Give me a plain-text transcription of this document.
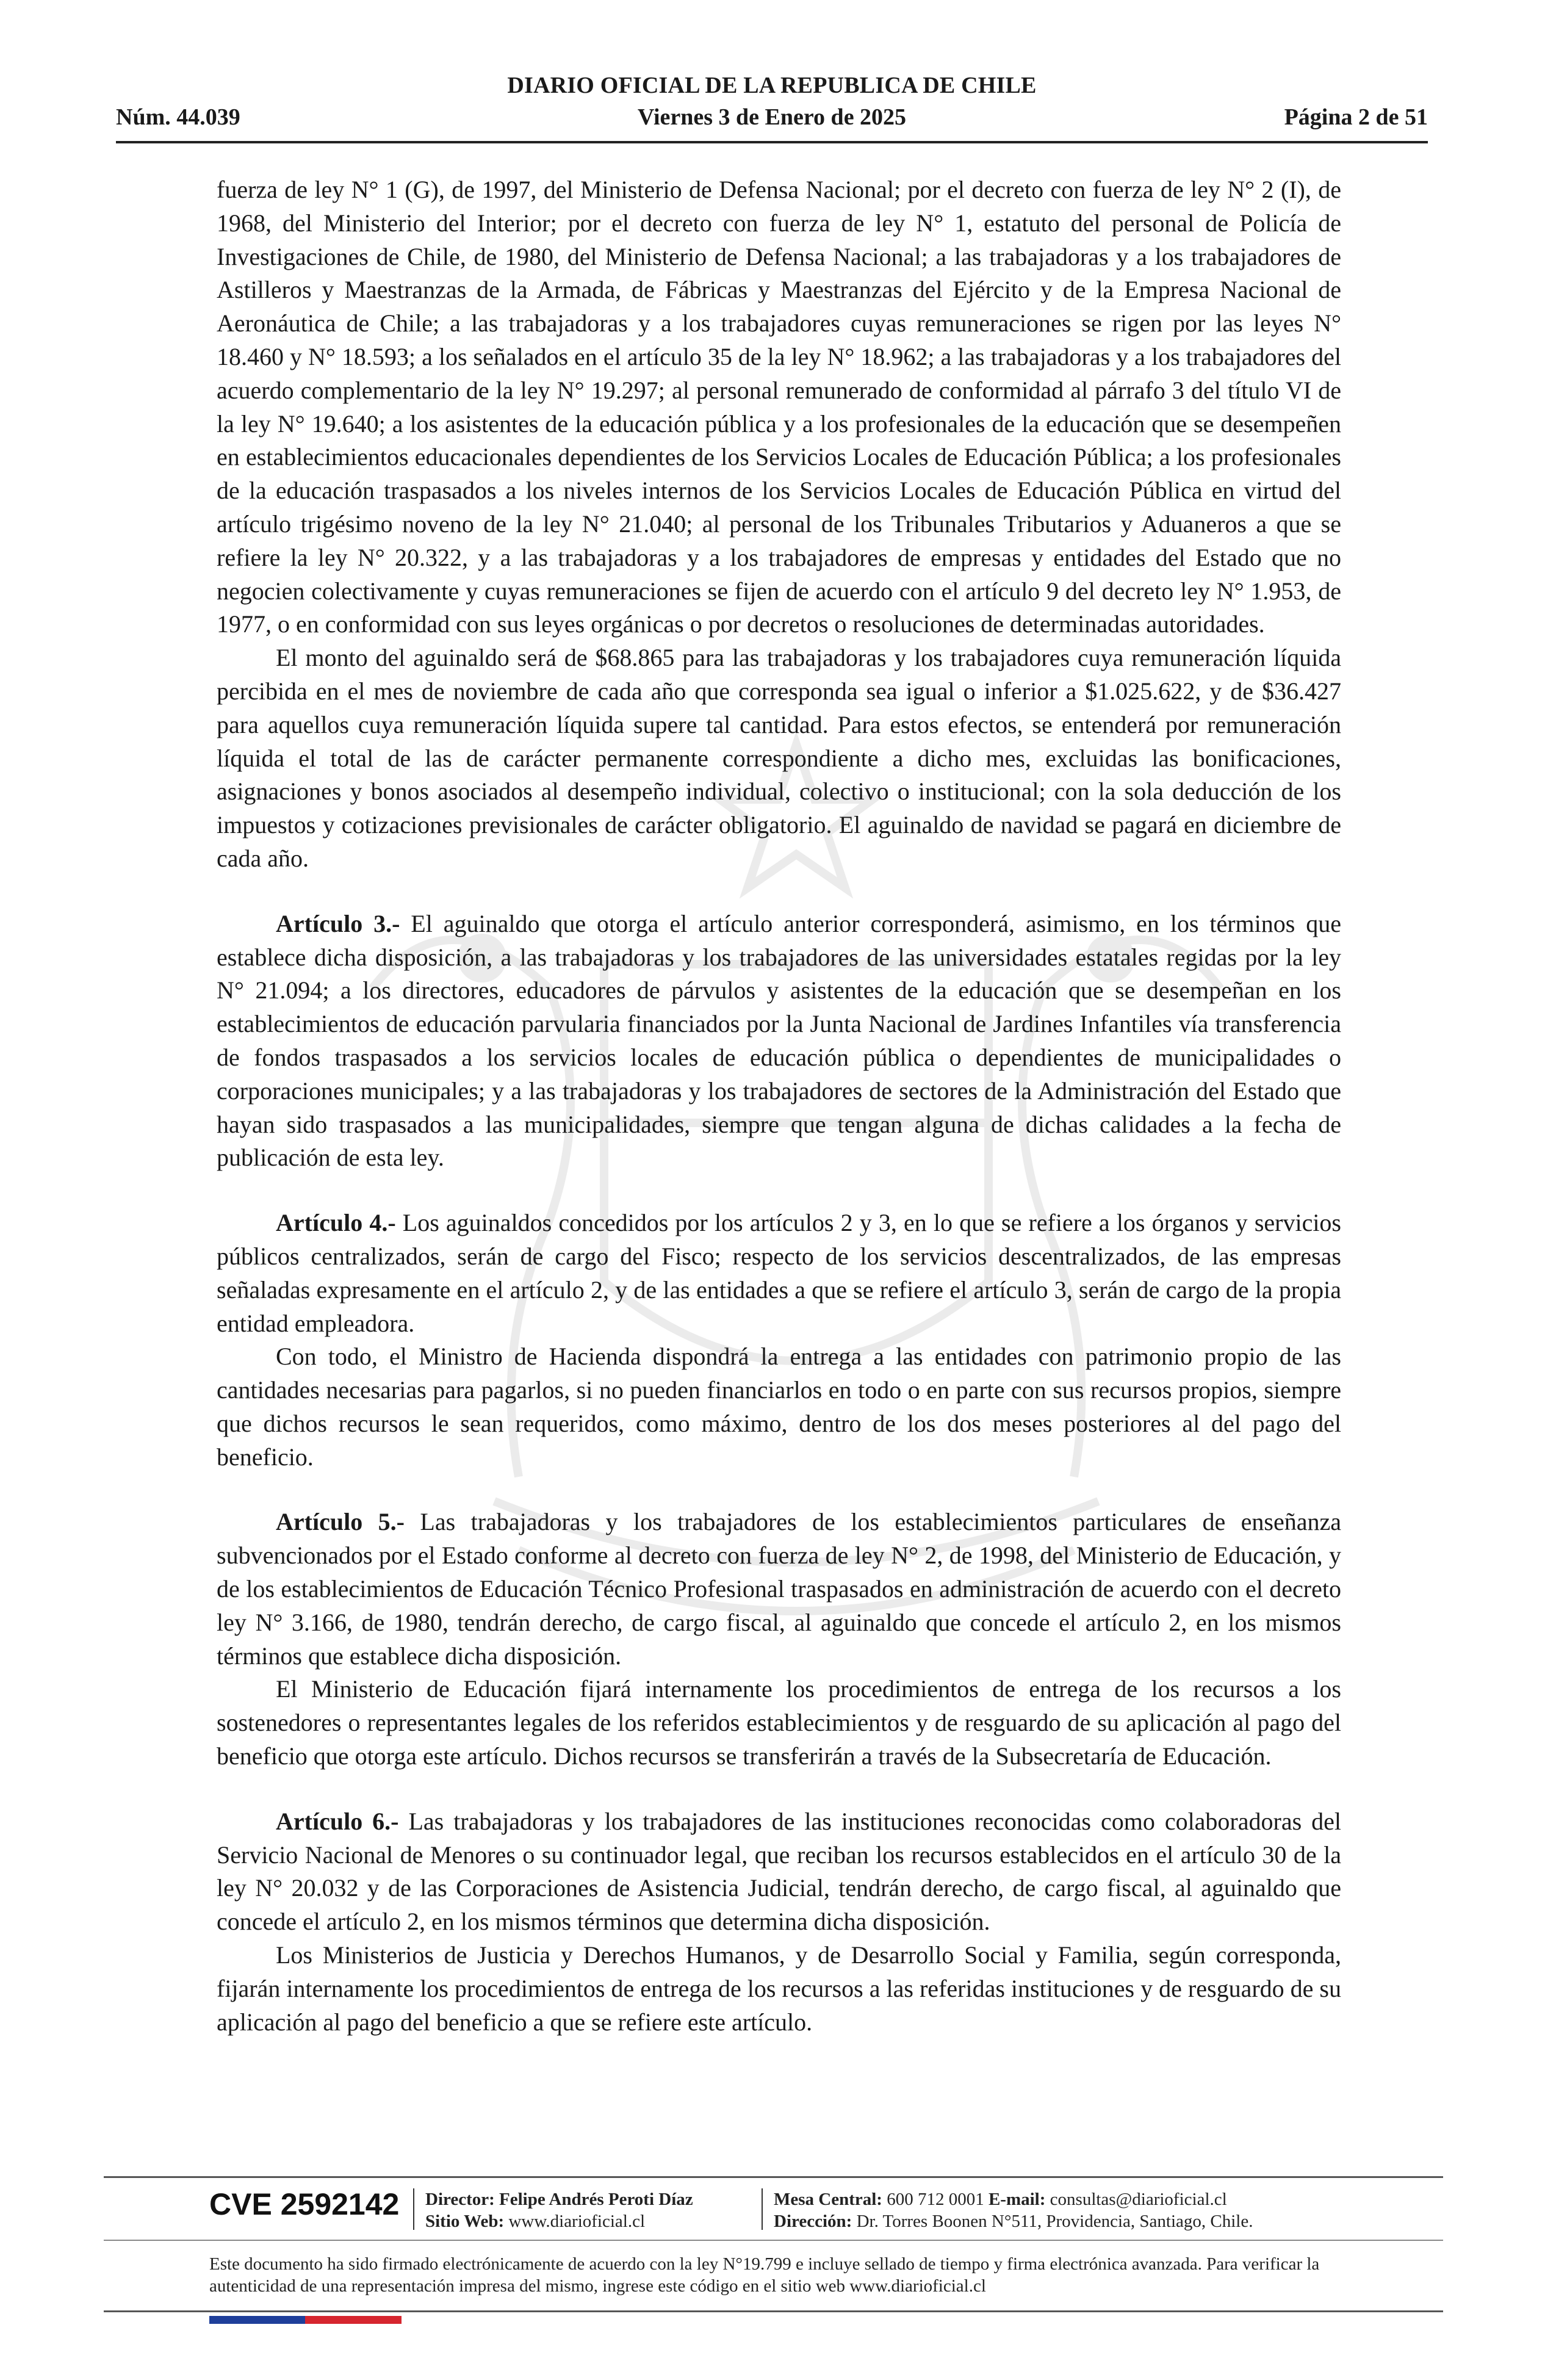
DIARIO OFICIAL DE LA REPUBLICA DE CHILE
Núm. 44.039	Viernes 3 de Enero de 2025	Página 2 de 51

fuerza de ley N° 1 (G), de 1997, del Ministerio de Defensa Nacional; por el decreto con fuerza de ley N° 2 (I), de 1968, del Ministerio del Interior; por el decreto con fuerza de ley N° 1, estatuto del personal de Policía de Investigaciones de Chile, de 1980, del Ministerio de Defensa Nacional; a las trabajadoras y a los trabajadores de Astilleros y Maestranzas de la Armada, de Fábricas y Maestranzas del Ejército y de la Empresa Nacional de Aeronáutica de Chile; a las trabajadoras y a los trabajadores cuyas remuneraciones se rigen por las leyes N° 18.460 y N° 18.593; a los señalados en el artículo 35 de la ley N° 18.962; a las trabajadoras y a los trabajadores del acuerdo complementario de la ley N° 19.297; al personal remunerado de conformidad al párrafo 3 del título VI de la ley N° 19.640; a los asistentes de la educación pública y a los profesionales de la educación que se desempeñen en establecimientos educacionales dependientes de los Servicios Locales de Educación Pública; a los profesionales de la educación traspasados a los niveles internos de los Servicios Locales de Educación Pública en virtud del artículo trigésimo noveno de la ley N° 21.040; al personal de los Tribunales Tributarios y Aduaneros a que se refiere la ley N° 20.322, y a las trabajadoras y a los trabajadores de empresas y entidades del Estado que no negocien colectivamente y cuyas remuneraciones se fijen de acuerdo con el artículo 9 del decreto ley N° 1.953, de 1977, o en conformidad con sus leyes orgánicas o por decretos o resoluciones de determinadas autoridades.

El monto del aguinaldo será de $68.865 para las trabajadoras y los trabajadores cuya remuneración líquida percibida en el mes de noviembre de cada año que corresponda sea igual o inferior a $1.025.622, y de $36.427 para aquellos cuya remuneración líquida supere tal cantidad. Para estos efectos, se entenderá por remuneración líquida el total de las de carácter permanente correspondiente a dicho mes, excluidas las bonificaciones, asignaciones y bonos asociados al desempeño individual, colectivo o institucional; con la sola deducción de los impuestos y cotizaciones previsionales de carácter obligatorio. El aguinaldo de navidad se pagará en diciembre de cada año.

Artículo 3.- El aguinaldo que otorga el artículo anterior corresponderá, asimismo, en los términos que establece dicha disposición, a las trabajadoras y los trabajadores de las universidades estatales regidas por la ley N° 21.094; a los directores, educadores de párvulos y asistentes de la educación que se desempeñan en los establecimientos de educación parvularia financiados por la Junta Nacional de Jardines Infantiles vía transferencia de fondos traspasados a los servicios locales de educación pública o dependientes de municipalidades o corporaciones municipales; y a las trabajadoras y los trabajadores de sectores de la Administración del Estado que hayan sido traspasados a las municipalidades, siempre que tengan alguna de dichas calidades a la fecha de publicación de esta ley.

Artículo 4.- Los aguinaldos concedidos por los artículos 2 y 3, en lo que se refiere a los órganos y servicios públicos centralizados, serán de cargo del Fisco; respecto de los servicios descentralizados, de las empresas señaladas expresamente en el artículo 2, y de las entidades a que se refiere el artículo 3, serán de cargo de la propia entidad empleadora.

Con todo, el Ministro de Hacienda dispondrá la entrega a las entidades con patrimonio propio de las cantidades necesarias para pagarlos, si no pueden financiarlos en todo o en parte con sus recursos propios, siempre que dichos recursos le sean requeridos, como máximo, dentro de los dos meses posteriores al del pago del beneficio.

Artículo 5.- Las trabajadoras y los trabajadores de los establecimientos particulares de enseñanza subvencionados por el Estado conforme al decreto con fuerza de ley N° 2, de 1998, del Ministerio de Educación, y de los establecimientos de Educación Técnico Profesional traspasados en administración de acuerdo con el decreto ley N° 3.166, de 1980, tendrán derecho, de cargo fiscal, al aguinaldo que concede el artículo 2, en los mismos términos que establece dicha disposición.

El Ministerio de Educación fijará internamente los procedimientos de entrega de los recursos a los sostenedores o representantes legales de los referidos establecimientos y de resguardo de su aplicación al pago del beneficio que otorga este artículo. Dichos recursos se transferirán a través de la Subsecretaría de Educación.

Artículo 6.- Las trabajadoras y los trabajadores de las instituciones reconocidas como colaboradoras del Servicio Nacional de Menores o su continuador legal, que reciban los recursos establecidos en el artículo 30 de la ley N° 20.032 y de las Corporaciones de Asistencia Judicial, tendrán derecho, de cargo fiscal, al aguinaldo que concede el artículo 2, en los mismos términos que determina dicha disposición.

Los Ministerios de Justicia y Derechos Humanos, y de Desarrollo Social y Familia, según corresponda, fijarán internamente los procedimientos de entrega de los recursos a las referidas instituciones y de resguardo de su aplicación al pago del beneficio a que se refiere este artículo.

CVE 2592142 Director: Felipe Andrés Peroti Díaz
Sitio Web: www.diarioficial.cl
Mesa Central: 600 712 0001 E-mail: consultas@diarioficial.cl
Dirección: Dr. Torres Boonen N°511, Providencia, Santiago, Chile.
Este documento ha sido firmado electrónicamente de acuerdo con la ley N°19.799 e incluye sellado de tiempo y firma electrónica avanzada. Para verificar la autenticidad de una representación impresa del mismo, ingrese este código en el sitio web www.diarioficial.cl
